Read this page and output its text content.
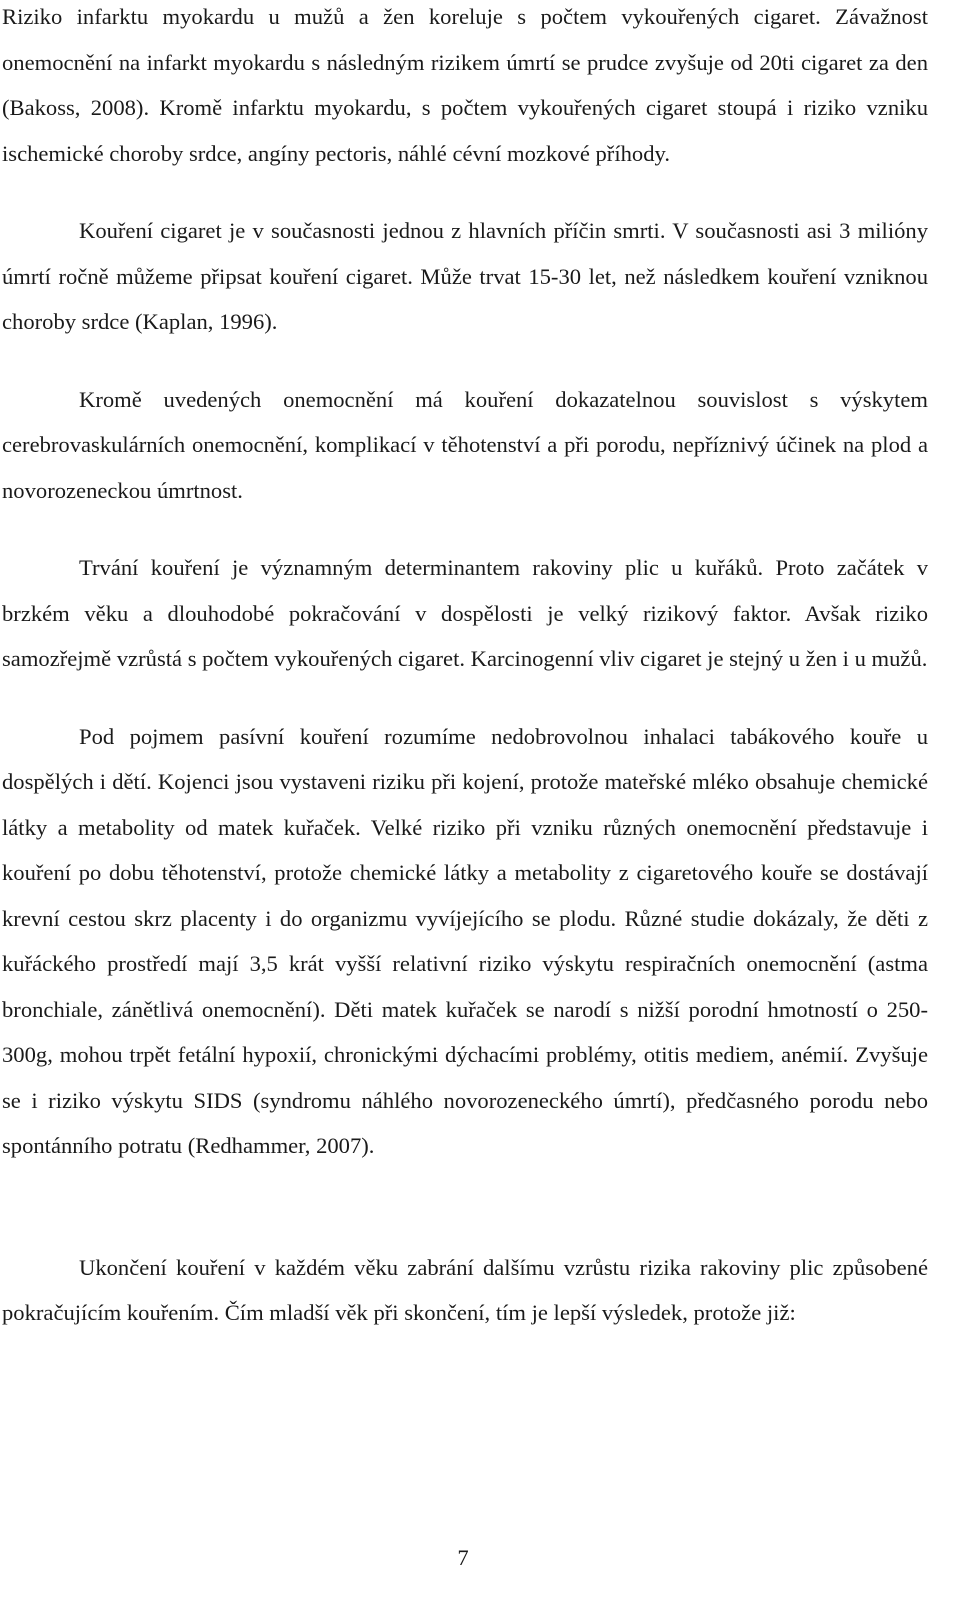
Riziko infarktu myokardu u mužů a žen koreluje s počtem vykouřených cigaret. Závažnost onemocnění na infarkt myokardu s následným rizikem úmrtí se prudce zvyšuje od 20ti cigaret za den (Bakoss, 2008). Kromě infarktu myokardu, s počtem vykouřených cigaret stoupá i riziko vzniku ischemické choroby srdce, angíny pectoris, náhlé cévní mozkové příhody.

Kouření cigaret je v současnosti jednou z hlavních příčin smrti. V současnosti asi 3 milióny úmrtí ročně můžeme připsat kouření cigaret. Může trvat 15-30 let, než následkem kouření vzniknou choroby srdce (Kaplan, 1996).

Kromě uvedených onemocnění má kouření dokazatelnou souvislost s výskytem cerebrovaskulárních onemocnění, komplikací v těhotenství a při porodu, nepříznivý účinek na plod a novorozeneckou úmrtnost.

Trvání kouření je významným determinantem rakoviny plic u kuřáků. Proto začátek v brzkém věku a dlouhodobé pokračování v dospělosti je velký rizikový faktor. Avšak riziko samozřejmě vzrůstá s počtem vykouřených cigaret. Karcinogenní vliv cigaret je stejný u žen i u mužů.

Pod pojmem pasívní kouření rozumíme nedobrovolnou inhalaci tabákového kouře u dospělých i dětí. Kojenci jsou vystaveni riziku při kojení, protože mateřské mléko obsahuje chemické látky a metabolity od matek kuřaček. Velké riziko při vzniku různých onemocnění představuje i kouření po dobu těhotenství, protože chemické látky a metabolity z cigaretového kouře se dostávají krevní cestou skrz placenty i do organizmu vyvíjejícího se plodu. Různé studie dokázaly, že děti z kuřáckého prostředí mají 3,5 krát vyšší relativní riziko výskytu respiračních onemocnění (astma bronchiale, zánětlivá onemocnění). Děti matek kuřaček se narodí s nižší porodní hmotností o 250-300g, mohou trpět fetální hypoxií, chronickými dýchacími problémy, otitis mediem, anémií. Zvyšuje se i riziko výskytu SIDS (syndromu náhlého novorozeneckého úmrtí), předčasného porodu nebo spontánního potratu (Redhammer, 2007).

Ukončení kouření v každém věku zabrání dalšímu vzrůstu rizika rakoviny plic způsobené pokračujícím kouřením. Čím mladší věk při skončení, tím je lepší výsledek, protože již:

7
